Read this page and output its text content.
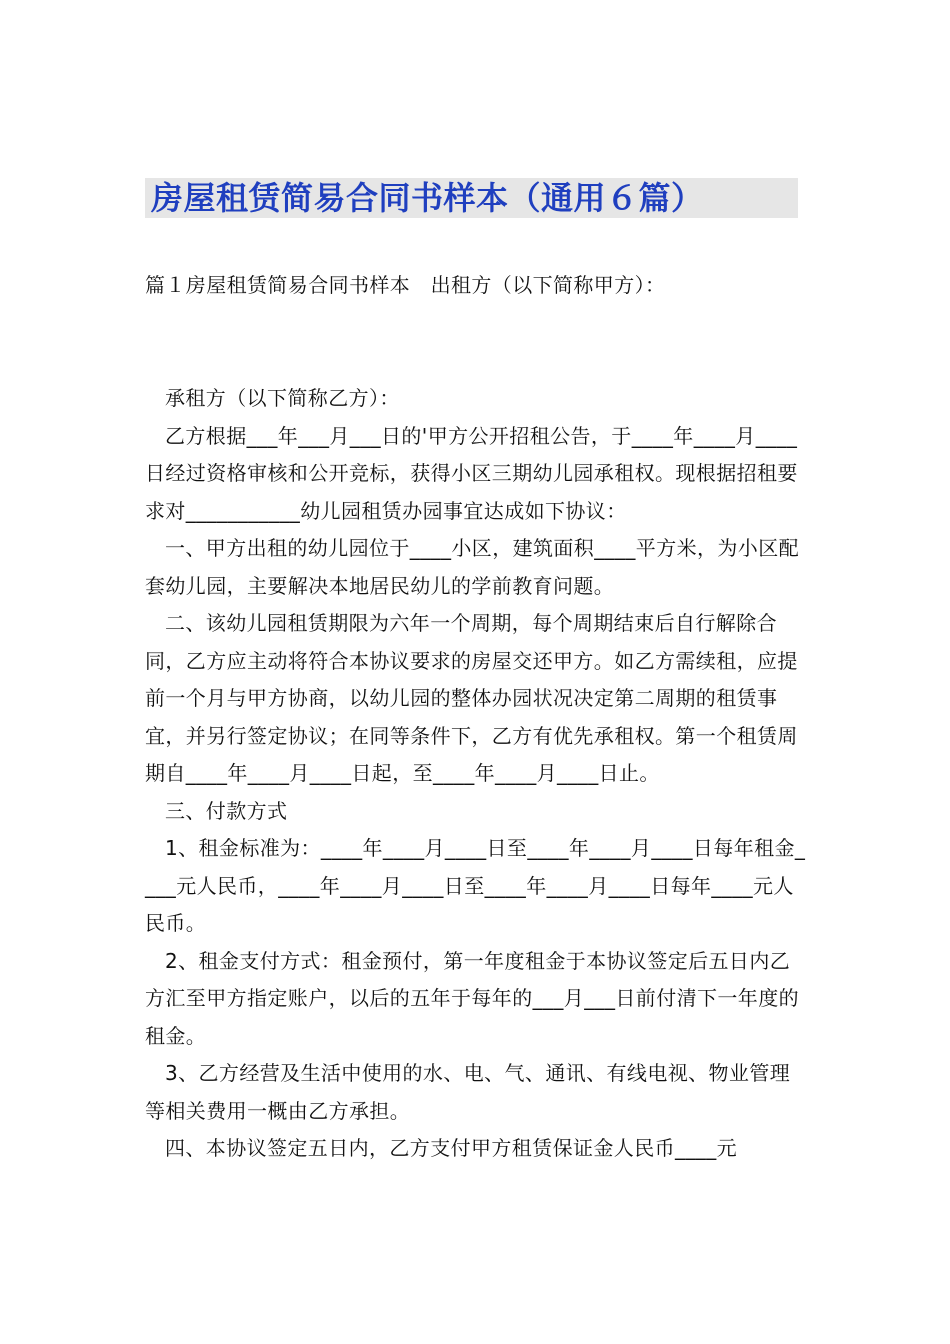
房屋租赁简易合同书样本（通用６篇）
篇１房屋租赁简易合同书样本　出租方（以下简称甲方）：

承租方（以下简称乙方）：

乙方根据___年___月___日的'甲方公开招租公告，于____年____月____日经过资格审核和公开竞标，获得小区三期幼儿园承租权。现根据招租要求对___________幼儿园租赁办园事宜达成如下协议：

一、甲方出租的幼儿园位于____小区，建筑面积____平方米，为小区配套幼儿园，主要解决本地居民幼儿的学前教育问题。

二、该幼儿园租赁期限为六年一个周期，每个周期结束后自行解除合同，乙方应主动将符合本协议要求的房屋交还甲方。如乙方需续租，应提前一个月与甲方协商，以幼儿园的整体办园状况决定第二周期的租赁事宜，并另行签定协议；在同等条件下，乙方有优先承租权。第一个租赁周期自____年____月____日起，至____年____月____日止。

三、付款方式

1、租金标准为：____年____月____日至____年____月____日每年租金____元人民币，____年____月____日至____年____月____日每年____元人民币。

2、租金支付方式：租金预付，第一年度租金于本协议签定后五日内乙方汇至甲方指定账户，以后的五年于每年的___月___日前付清下一年度的租金。

3、乙方经营及生活中使用的水、电、气、通讯、有线电视、物业管理等相关费用一概由乙方承担。

四、本协议签定五日内，乙方支付甲方租赁保证金人民币____元
